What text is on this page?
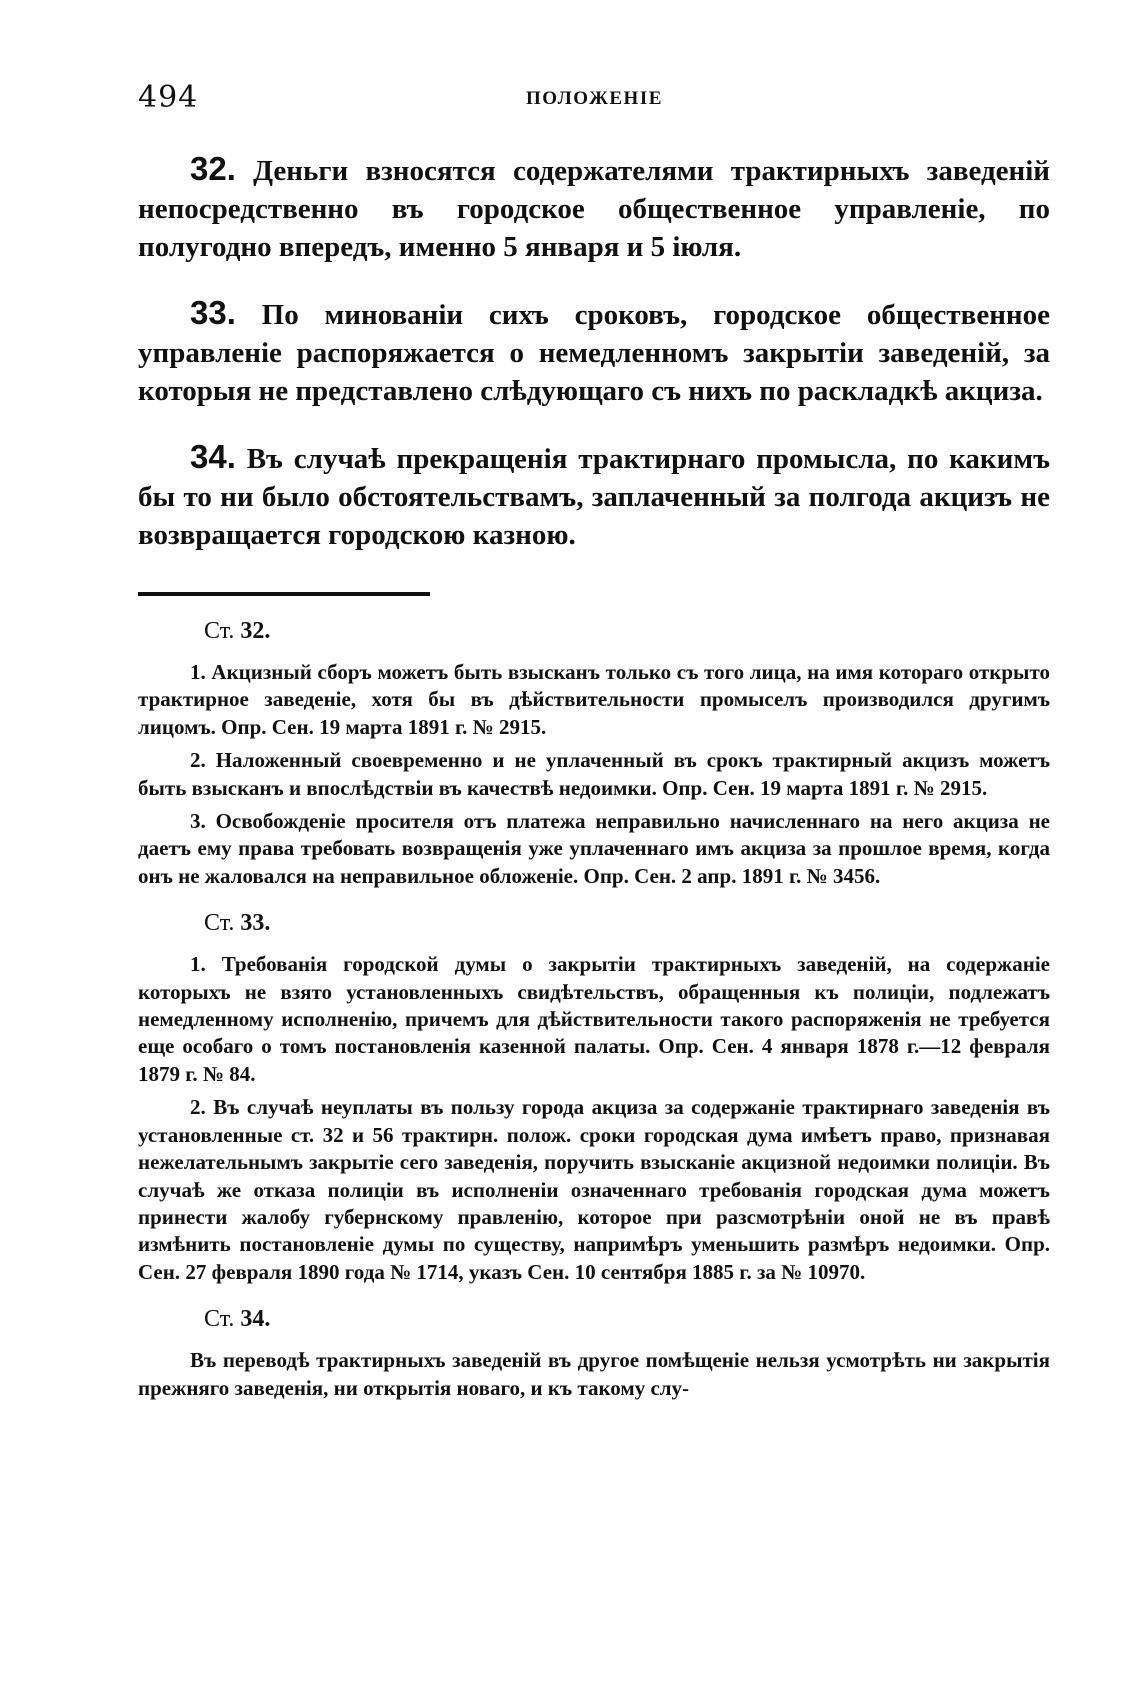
494	ПОЛОЖЕНІЕ

32. Деньги взносятся содержателями трактирныхъ заведеній непосредственно въ городское общественное управленіе, по полугодно впередъ, именно 5 января и 5 іюля.

33. По минованіи сихъ сроковъ, городское общественное управленіе распоряжается о немедленномъ закрытіи заведеній, за которыя не представлено слѣдующаго съ нихъ по раскладкѣ акциза.

34. Въ случаѣ прекращенія трактирнаго промысла, по какимъ бы то ни было обстоятельствамъ, заплаченный за полгода акцизъ не возвращается городскою казною.

Ст. 32.

1. Акцизный сборъ можетъ быть взысканъ только съ того лица, на имя котораго открыто трактирное заведеніе, хотя бы въ дѣйствительности промыселъ производился другимъ лицомъ. Опр. Сен. 19 марта 1891 г. № 2915.

2. Наложенный своевременно и не уплаченный въ срокъ трактирный акцизъ можетъ быть взысканъ и впослѣдствіи въ качествѣ недоимки. Опр. Сен. 19 марта 1891 г. № 2915.

3. Освобожденіе просителя отъ платежа неправильно начисленнаго на него акциза не даетъ ему права требовать возвращенія уже уплаченнаго имъ акциза за прошлое время, когда онъ не жаловался на неправильное обложеніе. Опр. Сен. 2 апр. 1891 г. № 3456.

Ст. 33.

1. Требованія городской думы о закрытіи трактирныхъ заведеній, на содержаніе которыхъ не взято установленныхъ свидѣтельствъ, обращенныя къ полиціи, подлежатъ немедленному исполненію, причемъ для дѣйствительности такого распоряженія не требуется еще особаго о томъ постановленія казенной палаты. Опр. Сен. 4 января 1878 г.—12 февраля 1879 г. № 84.

2. Въ случаѣ неуплаты въ пользу города акциза за содержаніе трактирнаго заведенія въ установленные ст. 32 и 56 трактирн. полож. сроки городская дума имѣетъ право, признавая нежелательнымъ закрытіе сего заведенія, поручить взысканіе акцизной недоимки полиціи. Въ случаѣ же отказа полиціи въ исполненіи означеннаго требованія городская дума можетъ принести жалобу губернскому правленію, которое при разсмотрѣніи оной не въ правѣ измѣнить постановленіе думы по существу, напримѣръ уменьшить размѣръ недоимки. Опр. Сен. 27 февраля 1890 года № 1714, указъ Сен. 10 сентября 1885 г. за № 10970.

Ст. 34.

Въ переводѣ трактирныхъ заведеній въ другое помѣщеніе нельзя усмотрѣть ни закрытія прежняго заведенія, ни открытія новаго, и къ такому слу-
